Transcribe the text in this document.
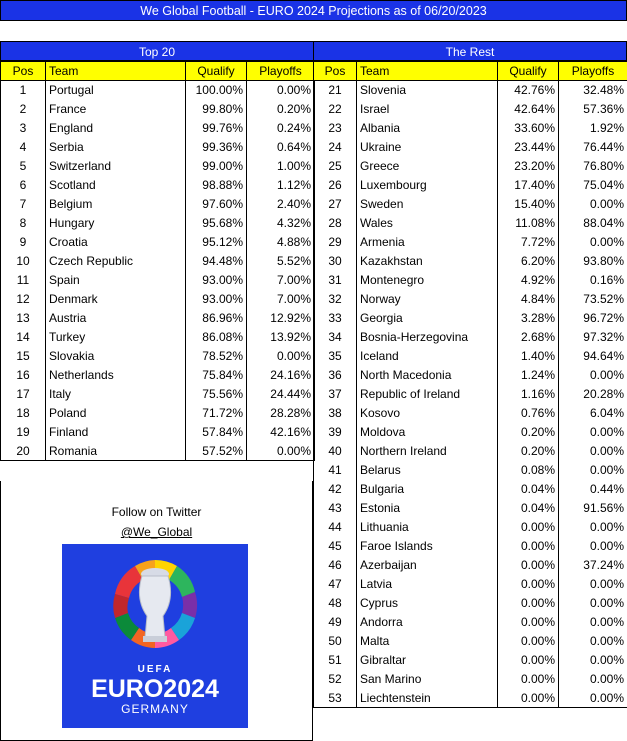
We Global Football - EURO 2024 Projections as of 06/20/2023
Top 20	The Rest
Pos	Team	Qualify	Playoffs
1	Portugal	100.00%	0.00%
2	France	99.80%	0.20%
3	England	99.76%	0.24%
4	Serbia	99.36%	0.64%
5	Switzerland	99.00%	1.00%
6	Scotland	98.88%	1.12%
7	Belgium	97.60%	2.40%
8	Hungary	95.68%	4.32%
9	Croatia	95.12%	4.88%
10	Czech Republic	94.48%	5.52%
11	Spain	93.00%	7.00%
12	Denmark	93.00%	7.00%
13	Austria	86.96%	12.92%
14	Turkey	86.08%	13.92%
15	Slovakia	78.52%	0.00%
16	Netherlands	75.84%	24.16%
17	Italy	75.56%	24.44%
18	Poland	71.72%	28.28%
19	Finland	57.84%	42.16%
20	Romania	57.52%	0.00%
Pos	Team	Qualify	Playoffs
21	Slovenia	42.76%	32.48%
22	Israel	42.64%	57.36%
23	Albania	33.60%	1.92%
24	Ukraine	23.44%	76.44%
25	Greece	23.20%	76.80%
26	Luxembourg	17.40%	75.04%
27	Sweden	15.40%	0.00%
28	Wales	11.08%	88.04%
29	Armenia	7.72%	0.00%
30	Kazakhstan	6.20%	93.80%
31	Montenegro	4.92%	0.16%
32	Norway	4.84%	73.52%
33	Georgia	3.28%	96.72%
34	Bosnia-Herzegovina	2.68%	97.32%
35	Iceland	1.40%	94.64%
36	North Macedonia	1.24%	0.00%
37	Republic of Ireland	1.16%	20.28%
38	Kosovo	0.76%	6.04%
39	Moldova	0.20%	0.00%
40	Northern Ireland	0.20%	0.00%
41	Belarus	0.08%	0.00%
42	Bulgaria	0.04%	0.44%
43	Estonia	0.04%	91.56%
44	Lithuania	0.00%	0.00%
45	Faroe Islands	0.00%	0.00%
46	Azerbaijan	0.00%	37.24%
47	Latvia	0.00%	0.00%
48	Cyprus	0.00%	0.00%
49	Andorra	0.00%	0.00%
50	Malta	0.00%	0.00%
51	Gibraltar	0.00%	0.00%
52	San Marino	0.00%	0.00%
53	Liechtenstein	0.00%	0.00%
Follow on Twitter
@We_Global
UEFA
EURO2024
GERMANY
